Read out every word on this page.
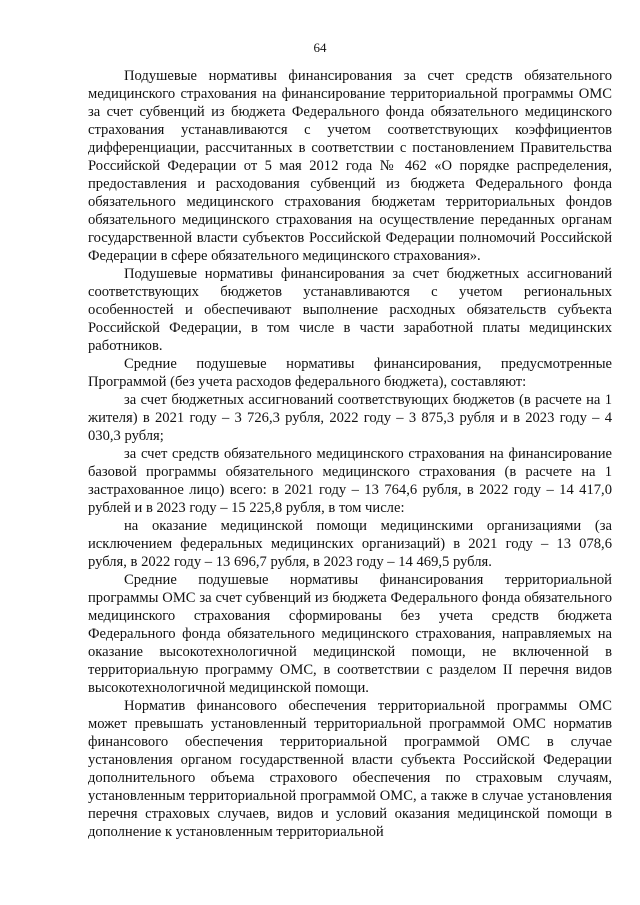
64

Подушевые нормативы финансирования за счет средств обязательного медицинского страхования на финансирование территориальной программы ОМС за счет субвенций из бюджета Федерального фонда обязательного медицинского страхования устанавливаются с учетом соответствующих коэффициентов дифференциации, рассчитанных в соответствии с постановлением Правительства Российской Федерации от 5 мая 2012 года № 462 «О порядке распределения, предоставления и расходования субвенций из бюджета Федерального фонда обязательного медицинского страхования бюджетам территориальных фондов обязательного медицинского страхования на осуществление переданных органам государственной власти субъектов Российской Федерации полномочий Российской Федерации в сфере обязательного медицинского страхования».

Подушевые нормативы финансирования за счет бюджетных ассигнований соответствующих бюджетов устанавливаются с учетом региональных особенностей и обеспечивают выполнение расходных обязательств субъекта Российской Федерации, в том числе в части заработной платы медицинских работников.

Средние подушевые нормативы финансирования, предусмотренные Программой (без учета расходов федерального бюджета), составляют:

за счет бюджетных ассигнований соответствующих бюджетов (в расчете на 1 жителя) в 2021 году – 3 726,3 рубля, 2022 году – 3 875,3 рубля и в 2023 году – 4 030,3 рубля;

за счет средств обязательного медицинского страхования на финансирование базовой программы обязательного медицинского страхования (в расчете на 1 застрахованное лицо) всего: в 2021 году – 13 764,6 рубля, в 2022 году – 14 417,0 рублей и в 2023 году – 15 225,8 рубля, в том числе:

на оказание медицинской помощи медицинскими организациями (за исключением федеральных медицинских организаций) в 2021 году – 13 078,6 рубля, в 2022 году – 13 696,7 рубля, в 2023 году – 14 469,5 рубля.

Средние подушевые нормативы финансирования территориальной программы ОМС за счет субвенций из бюджета Федерального фонда обязательного медицинского страхования сформированы без учета средств бюджета Федерального фонда обязательного медицинского страхования, направляемых на оказание высокотехнологичной медицинской помощи, не включенной в территориальную программу ОМС, в соответствии с разделом II перечня видов высокотехнологичной медицинской помощи.

Норматив финансового обеспечения территориальной программы ОМС может превышать установленный территориальной программой ОМС норматив финансового обеспечения территориальной программой ОМС в случае установления органом государственной власти субъекта Российской Федерации дополнительного объема страхового обеспечения по страховым случаям, установленным территориальной программой ОМС, а также в случае установления перечня страховых случаев, видов и условий оказания медицинской помощи в дополнение к установленным территориальной
